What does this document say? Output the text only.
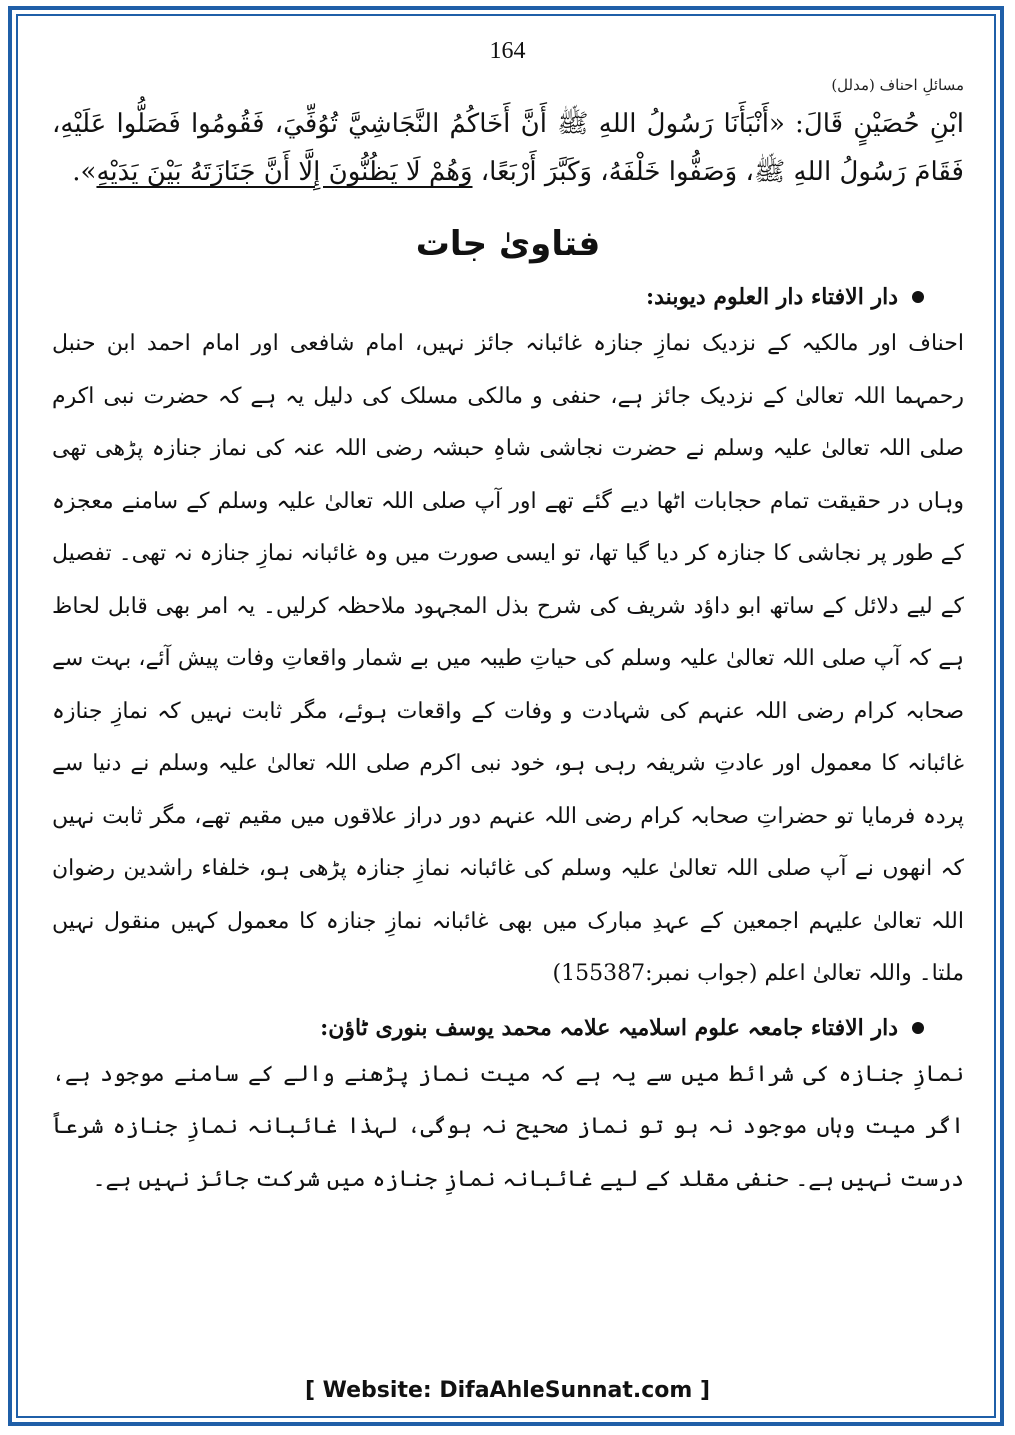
164
مسائلِ احناف (مدلل)

ابْنِ حُصَيْنٍ قَالَ: «أَنْبَأَنَا رَسُولُ اللهِ ﷺ أَنَّ أَخَاكُمُ النَّجَاشِيَّ تُوُفِّيَ، فَقُومُوا فَصَلُّوا عَلَيْهِ، فَقَامَ رَسُولُ اللهِ ﷺ، وَصَفُّوا خَلْفَهُ، وَكَبَّرَ أَرْبَعًا، وَهُمْ لَا يَظُنُّونَ إِلَّا أَنَّ جَنَازَتَهُ بَيْنَ يَدَيْهِ».

فتاویٰ جات
دار الافتاء دار العلوم دیوبند:

احناف اور مالکیہ کے نزدیک نمازِ جنازہ غائبانہ جائز نہیں، امام شافعی اور امام احمد ابن حنبل رحمہما اللہ تعالیٰ کے نزدیک جائز ہے، حنفی و مالکی مسلک کی دلیل یہ ہے کہ حضرت نبی اکرم صلی اللہ تعالیٰ علیہ وسلم نے حضرت نجاشی شاہِ حبشہ رضی اللہ عنہ کی نماز جنازہ پڑھی تھی وہاں در حقیقت تمام حجابات اٹھا دیے گئے تھے اور آپ صلی اللہ تعالیٰ علیہ وسلم کے سامنے معجزہ کے طور پر نجاشی کا جنازہ کر دیا گیا تھا، تو ایسی صورت میں وہ غائبانہ نمازِ جنازہ نہ تھی۔ تفصیل کے لیے دلائل کے ساتھ ابو داؤد شریف کی شرح بذل المجہود ملاحظہ کرلیں۔ یہ امر بھی قابل لحاظ ہے کہ آپ صلی اللہ تعالیٰ علیہ وسلم کی حیاتِ طیبہ میں بے شمار واقعاتِ وفات پیش آئے، بہت سے صحابہ کرام رضی اللہ عنہم کی شہادت و وفات کے واقعات ہوئے، مگر ثابت نہیں کہ نمازِ جنازہ غائبانہ کا معمول اور عادتِ شریفہ رہی ہو، خود نبی اکرم صلی اللہ تعالیٰ علیہ وسلم نے دنیا سے پردہ فرمایا تو حضراتِ صحابہ کرام رضی اللہ عنہم دور دراز علاقوں میں مقیم تھے، مگر ثابت نہیں کہ انھوں نے آپ صلی اللہ تعالیٰ علیہ وسلم کی غائبانہ نمازِ جنازہ پڑھی ہو، خلفاء راشدین رضوان اللہ تعالیٰ علیہم اجمعین کے عہدِ مبارک میں بھی غائبانہ نمازِ جنازہ کا معمول کہیں منقول نہیں ملتا۔ واللہ تعالیٰ اعلم (جواب نمبر:155387)

دار الافتاء جامعہ علوم اسلامیہ علامہ محمد یوسف بنوری ٹاؤن:

نمازِ جنازہ کی شرائط میں سے یہ ہے کہ میت نماز پڑھنے والے کے سامنے موجود ہے، اگر میت وہاں موجود نہ ہو تو نماز صحیح نہ ہوگی، لہذا غائبانہ نمازِ جنازہ شرعاً درست نہیں ہے۔ حنفی مقلد کے لیے غائبانہ نمازِ جنازہ میں شرکت جائز نہیں ہے۔

[ Website: DifaAhleSunnat.com ]
